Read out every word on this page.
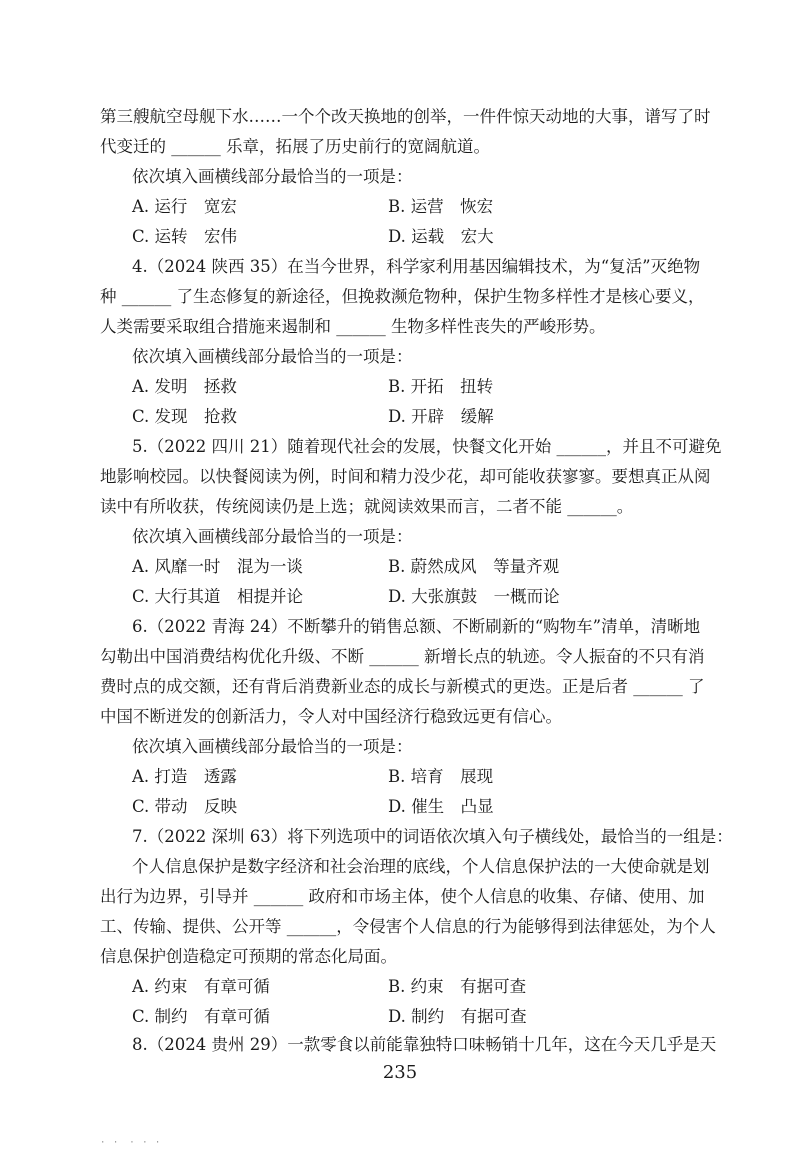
第三艘航空母舰下水……一个个改天换地的创举，一件件惊天动地的大事，谱写了时
代变迁的 ______ 乐章，拓展了历史前行的宽阔航道。
依次填入画横线部分最恰当的一项是：
A. 运行　宽宏	B. 运营　恢宏
C. 运转　宏伟	D. 运载　宏大
4.（2024 陕西 35）在当今世界，科学家利用基因编辑技术，为“复活”灭绝物
种 ______ 了生态修复的新途径，但挽救濒危物种，保护生物多样性才是核心要义，
人类需要采取组合措施来遏制和 ______ 生物多样性丧失的严峻形势。
依次填入画横线部分最恰当的一项是：
A. 发明　拯救	B. 开拓　扭转
C. 发现　抢救	D. 开辟　缓解
5.（2022 四川 21）随着现代社会的发展，快餐文化开始 ______，并且不可避免
地影响校园。以快餐阅读为例，时间和精力没少花，却可能收获寥寥。要想真正从阅
读中有所收获，传统阅读仍是上选；就阅读效果而言，二者不能 ______。
依次填入画横线部分最恰当的一项是：
A. 风靡一时　混为一谈	B. 蔚然成风　等量齐观
C. 大行其道　相提并论	D. 大张旗鼓　一概而论
6.（2022 青海 24）不断攀升的销售总额、不断刷新的“购物车”清单，清晰地
勾勒出中国消费结构优化升级、不断 ______ 新增长点的轨迹。令人振奋的不只有消
费时点的成交额，还有背后消费新业态的成长与新模式的更迭。正是后者 ______ 了
中国不断迸发的创新活力，令人对中国经济行稳致远更有信心。
依次填入画横线部分最恰当的一项是：
A. 打造　透露	B. 培育　展现
C. 带动　反映	D. 催生　凸显
7.（2022 深圳 63）将下列选项中的词语依次填入句子横线处，最恰当的一组是：
个人信息保护是数字经济和社会治理的底线，个人信息保护法的一大使命就是划
出行为边界，引导并 ______ 政府和市场主体，使个人信息的收集、存储、使用、加
工、传输、提供、公开等 ______，令侵害个人信息的行为能够得到法律惩处，为个人
信息保护创造稳定可预期的常态化局面。
A. 约束　有章可循	B. 约束　有据可查
C. 制约　有章可循	D. 制约　有据可查
8.（2024 贵州 29）一款零食以前能靠独特口味畅销十几年，这在今天几乎是天
235
· ·　· · ·
